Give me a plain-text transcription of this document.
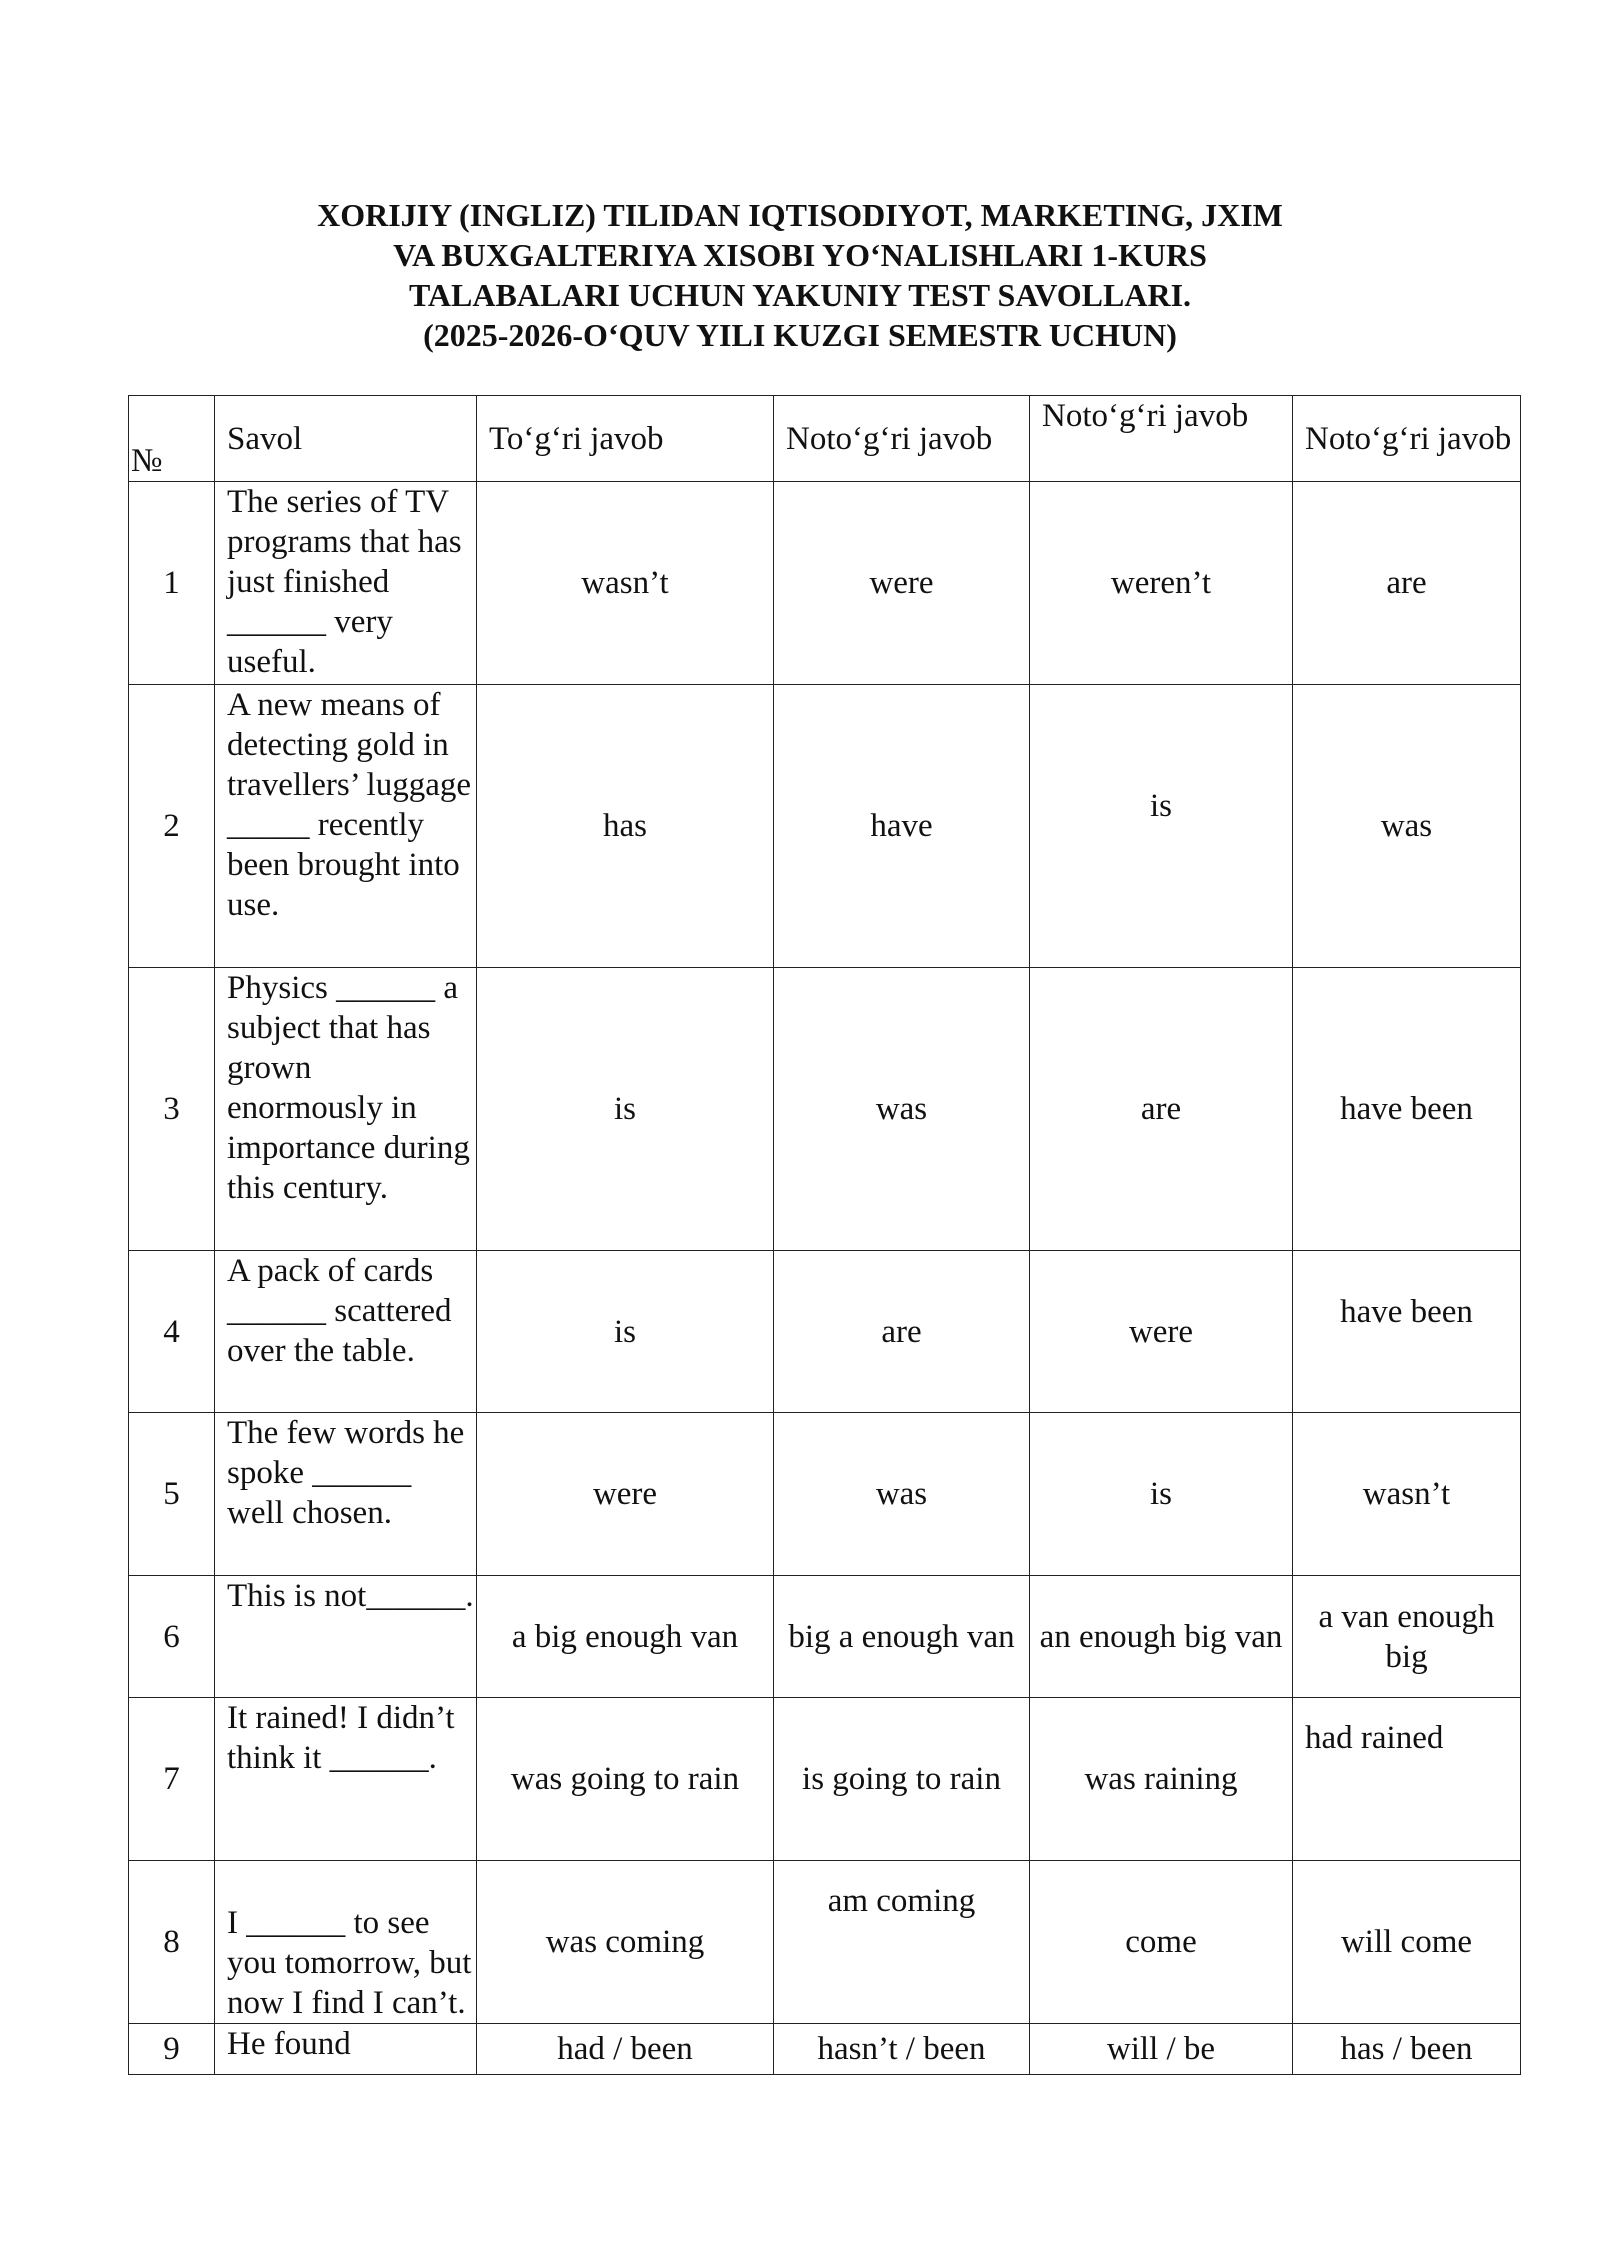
XORIJIY (INGLIZ) TILIDAN IQTISODIYOT, MARKETING, JXIM
VA BUXGALTERIYA XISOBI YO‘NALISHLARI 1-KURS
TALABALARI UCHUN YAKUNIY TEST SAVOLLARI.
(2025-2026-O‘QUV YILI KUZGI SEMESTR UCHUN)
№	Savol	To‘g‘ri javob	Noto‘g‘ri javob	Noto‘g‘ri javob	Noto‘g‘ri javob
1	The series of TV programs that has just finished ______ very useful.	wasn’t	were	weren’t	are
2	A new means of detecting gold in travellers’ luggage _____ recently been brought into use.	has	have	is	was
3	Physics ______ a subject that has grown enormously in importance during this century.	is	was	are	have been
4	A pack of cards ______ scattered over the table.	is	are	were	have been
5	The few words he spoke ______ well chosen.	were	was	is	wasn’t
6	This is not______.	a big enough van	big a enough van	an enough big van	a van enough big
7	It rained! I didn’t think it ______.	was going to rain	is going to rain	was raining	had rained
8	I ______ to see you tomorrow, but now I find I can’t.	was coming	am coming	come	will come
9	He found	had / been	hasn’t / been	will / be	has / been
